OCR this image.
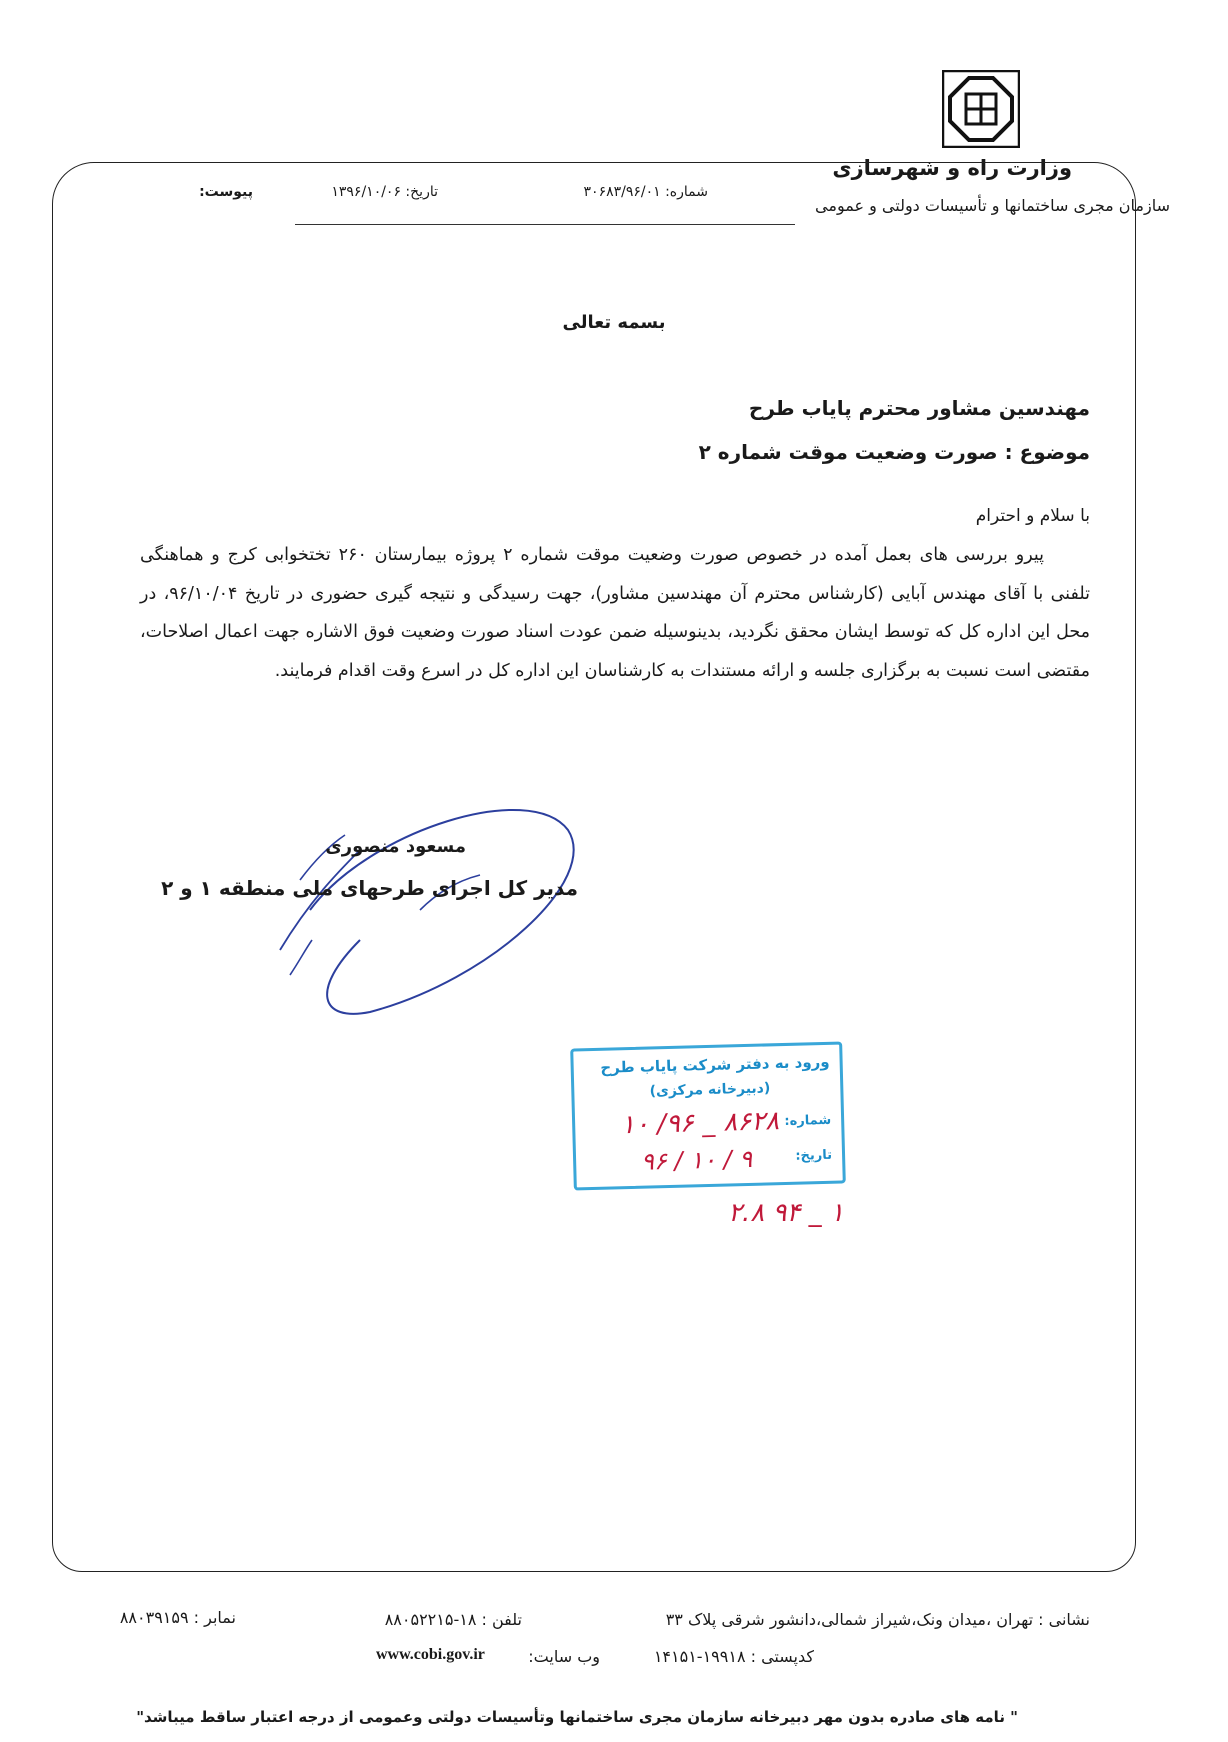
وزارت راه و شهرسازی
سازمان مجری ساختمانها و تأسیسات دولتی و عمومی
شماره: ۳۰۶۸۳/۹۶/۰۱
تاریخ: ۱۳۹۶/۱۰/۰۶
پیوست:
بسمه تعالی
مهندسین مشاور محترم پاياب طرح
موضوع : صورت وضعیت موقت شماره ۲
با سلام و احترام

پیرو بررسی های بعمل آمده در خصوص صورت وضعیت موقت شماره ۲ پروژه بیمارستان ۲۶۰ تختخوابی کرج و هماهنگی تلفنی با آقای مهندس آبایی (کارشناس محترم آن مهندسین مشاور)، جهت رسیدگی و نتیجه گیری حضوری در تاریخ ۹۶/۱۰/۰۴، در محل این اداره کل که توسط ایشان محقق نگردید، بدینوسیله ضمن عودت اسناد صورت وضعیت فوق الاشاره جهت اعمال اصلاحات، مقتضی است نسبت به برگزاری جلسه و ارائه مستندات به کارشناسان این اداره کل در اسرع وقت اقدام فرمایند.

مسعود منصوری
مدیر کل اجرای طرحهای ملی منطقه ۱ و ۲
ورود به دفتر شرکت پاياب طرح
(دبیرخانه مرکزی)
شماره:
۸۶۲۸ _ ۹۶/ ۱۰
تاریخ:
۹ / ۱۰ / ۹۶
۱ _ ۹۴ ۲.۸
نشانی : تهران ،میدان ونک،شیراز شمالی،دانشور شرقی پلاک ۳۳
کدپستی : ۱۹۹۱۸-۱۴۱۵۱
تلفن : ۱۸-۸۸۰۵۲۲۱۵
وب سایت:
www.cobi.gov.ir
نمابر : ۸۸۰۳۹۱۵۹
" نامه های صادره بدون مهر دبیرخانه سازمان مجری ساختمانها وتأسیسات دولتی وعمومی از درجه اعتبار ساقط میباشد"
